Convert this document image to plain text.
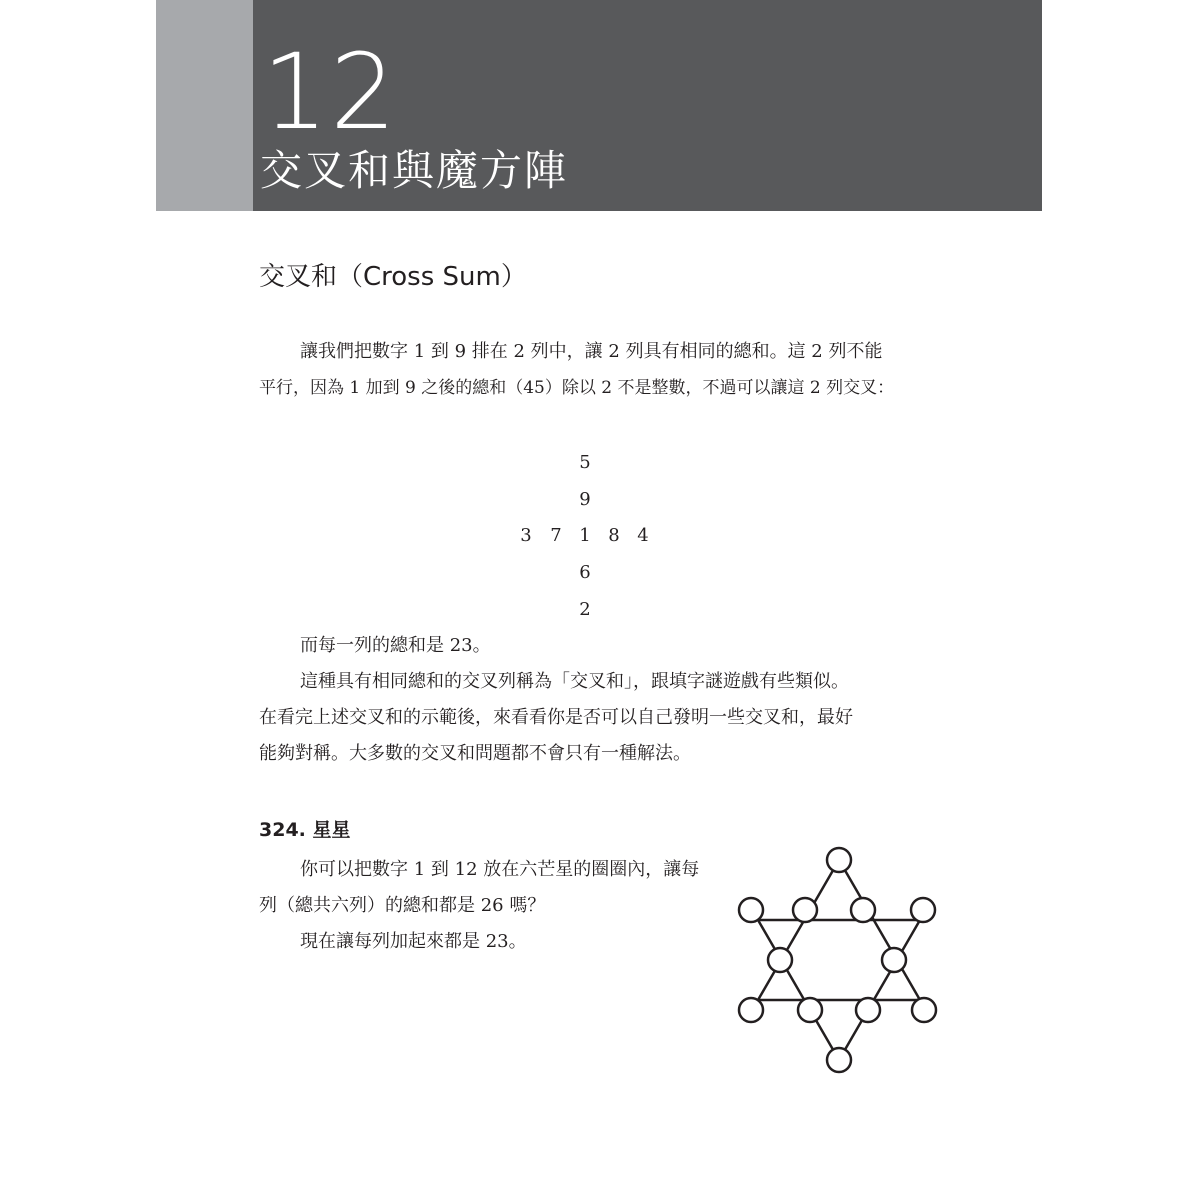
12
交叉和與魔方陣
交叉和（Cross Sum）
讓我們把數字 1 到 9 排在 2 列中，讓 2 列具有相同的總和。這 2 列不能
平行，因為 1 加到 9 之後的總和（45）除以 2 不是整數，不過可以讓這 2 列交叉：
5
9
3 7 1 8 4
6
2
而每一列的總和是 23。
這種具有相同總和的交叉列稱為「交叉和」，跟填字謎遊戲有些類似。
在看完上述交叉和的示範後，來看看你是否可以自己發明一些交叉和，最好
能夠對稱。大多數的交叉和問題都不會只有一種解法。
324. 星星
你可以把數字 1 到 12 放在六芒星的圈圈內，讓每
列（總共六列）的總和都是 26 嗎？
現在讓每列加起來都是 23。
